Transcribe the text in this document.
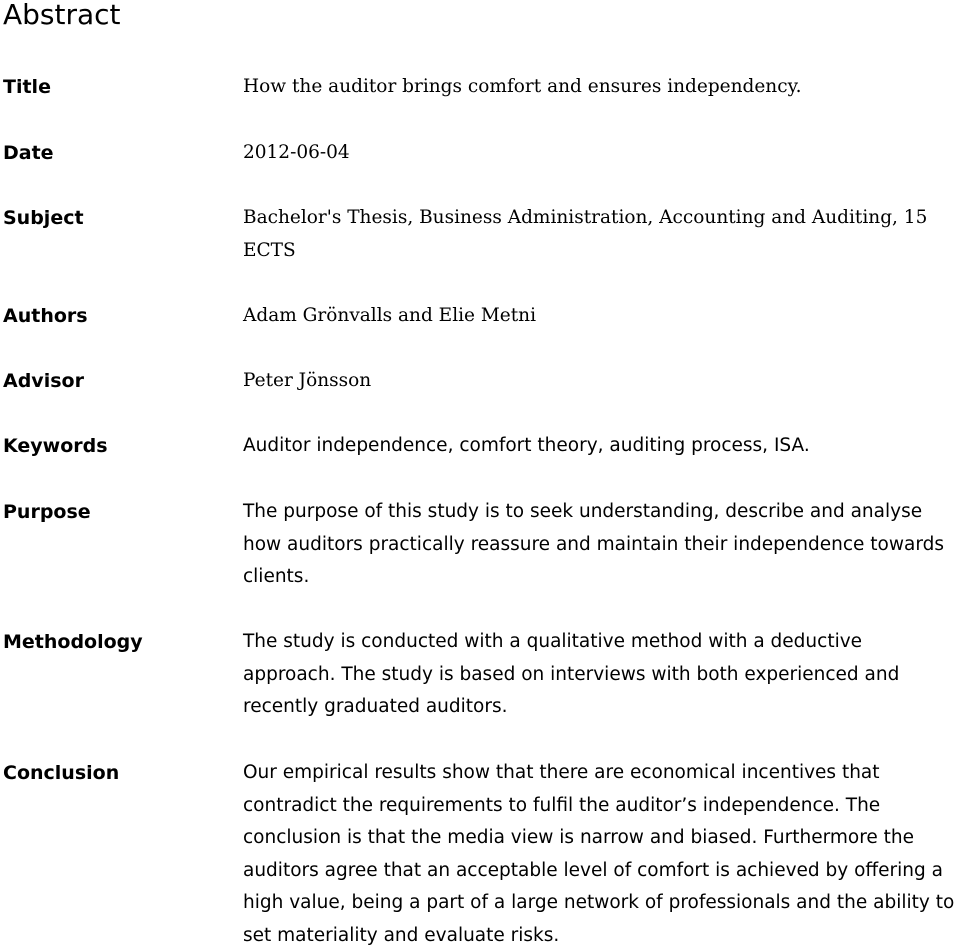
Abstract
Title	How the auditor brings comfort and ensures independency.

Date	2012-06-04

Subject	Bachelor's Thesis, Business Administration, Accounting and Auditing, 15 ECTS

Authors	Adam Grönvalls and Elie Metni

Advisor	Peter Jönsson

Keywords	Auditor independence, comfort theory, auditing process, ISA.

Purpose	The purpose of this study is to seek understanding, describe and analyse how auditors practically reassure and maintain their independence towards clients.

Methodology	The study is conducted with a qualitative method with a deductive approach. The study is based on interviews with both experienced and recently graduated auditors.

Conclusion	Our empirical results show that there are economical incentives that contradict the requirements to fulfil the auditor’s independence. The conclusion is that the media view is narrow and biased. Furthermore the auditors agree that an acceptable level of comfort is achieved by offering a high value, being a part of a large network of professionals and the ability to set materiality and evaluate risks.
